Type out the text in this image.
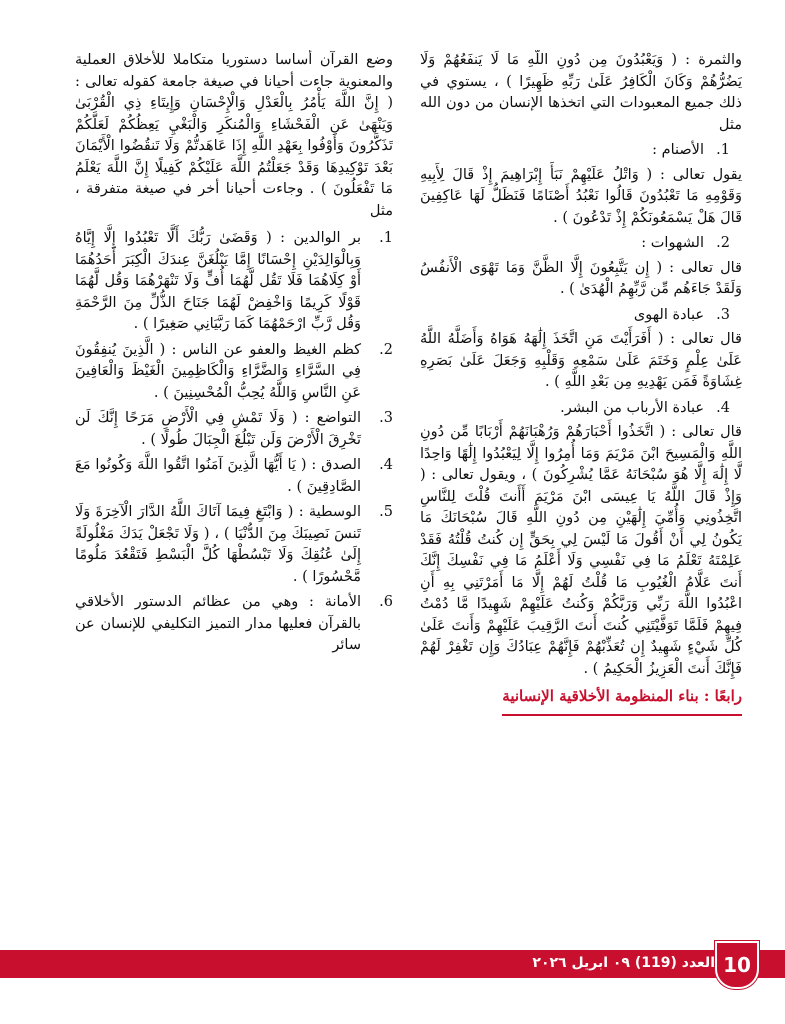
والثمرة : ( وَيَعْبُدُونَ مِن دُونِ اللَّهِ مَا لَا يَنفَعُهُمْ وَلَا يَضُرُّهُمْ وَكَانَ الْكَافِرُ عَلَىٰ رَبِّهِ ظَهِيرًا ) ، يستوي في ذلك جميع المعبودات التي اتخذها الإنسان من دون الله مثل

1.
الأصنام :

يقول تعالى : ( وَاتْلُ عَلَيْهِمْ نَبَأَ إِبْرَاهِيمَ إِذْ قَالَ لِأَبِيهِ وَقَوْمِهِ مَا تَعْبُدُونَ قَالُوا نَعْبُدُ أَصْنَامًا فَنَظَلُّ لَهَا عَاكِفِينَ قَالَ هَلْ يَسْمَعُونَكُمْ إِذْ تَدْعُونَ ) .

2.
الشهوات :

قال تعالى : ( إِن يَتَّبِعُونَ إِلَّا الظَّنَّ وَمَا تَهْوَى الْأَنفُسُ وَلَقَدْ جَاءَهُم مِّن رَّبِّهِمُ الْهُدَىٰ ) .

3.
عبادة الهوى

قال تعالى : ( أَفَرَأَيْتَ مَنِ اتَّخَذَ إِلَٰهَهُ هَوَاهُ وَأَضَلَّهُ اللَّهُ عَلَىٰ عِلْمٍ وَخَتَمَ عَلَىٰ سَمْعِهِ وَقَلْبِهِ وَجَعَلَ عَلَىٰ بَصَرِهِ غِشَاوَةً فَمَن يَهْدِيهِ مِن بَعْدِ اللَّهِ ) .

4.
عبادة الأرباب من البشر.

قال تعالى : ( اتَّخَذُوا أَحْبَارَهُمْ وَرُهْبَانَهُمْ أَرْبَابًا مِّن دُونِ اللَّهِ وَالْمَسِيحَ ابْنَ مَرْيَمَ وَمَا أُمِرُوا إِلَّا لِيَعْبُدُوا إِلَٰهًا وَاحِدًا لَّا إِلَٰهَ إِلَّا هُوَ سُبْحَانَهُ عَمَّا يُشْرِكُونَ ) ، ويقول تعالى : ( وَإِذْ قَالَ اللَّهُ يَا عِيسَى ابْنَ مَرْيَمَ أَأَنتَ قُلْتَ لِلنَّاسِ اتَّخِذُونِي وَأُمِّيَ إِلَٰهَيْنِ مِن دُونِ اللَّهِ قَالَ سُبْحَانَكَ مَا يَكُونُ لِي أَنْ أَقُولَ مَا لَيْسَ لِي بِحَقٍّ إِن كُنتُ قُلْتُهُ فَقَدْ عَلِمْتَهُ تَعْلَمُ مَا فِي نَفْسِي وَلَا أَعْلَمُ مَا فِي نَفْسِكَ إِنَّكَ أَنتَ عَلَّامُ الْغُيُوبِ مَا قُلْتُ لَهُمْ إِلَّا مَا أَمَرْتَنِي بِهِ أَنِ اعْبُدُوا اللَّهَ رَبِّي وَرَبَّكُمْ وَكُنتُ عَلَيْهِمْ شَهِيدًا مَّا دُمْتُ فِيهِمْ فَلَمَّا تَوَفَّيْتَنِي كُنتَ أَنتَ الرَّقِيبَ عَلَيْهِمْ وَأَنتَ عَلَىٰ كُلِّ شَيْءٍ شَهِيدٌ إِن تُعَذِّبْهُمْ فَإِنَّهُمْ عِبَادُكَ وَإِن تَغْفِرْ لَهُمْ فَإِنَّكَ أَنتَ الْعَزِيزُ الْحَكِيمُ ) .

رابعًا : بناء المنظومة الأخلاقية الإنسانية

وضع القرآن أساسا دستوريا متكاملا للأخلاق العملية والمعنوية جاءت أحيانا في صيغة جامعة كقوله تعالى : ( إِنَّ اللَّهَ يَأْمُرُ بِالْعَدْلِ وَالْإِحْسَانِ وَإِيتَاءِ ذِي الْقُرْبَىٰ وَيَنْهَىٰ عَنِ الْفَحْشَاءِ وَالْمُنكَرِ وَالْبَغْيِ يَعِظُكُمْ لَعَلَّكُمْ تَذَكَّرُونَ وَأَوْفُوا بِعَهْدِ اللَّهِ إِذَا عَاهَدتُّمْ وَلَا تَنقُضُوا الْأَيْمَانَ بَعْدَ تَوْكِيدِهَا وَقَدْ جَعَلْتُمُ اللَّهَ عَلَيْكُمْ كَفِيلًا إِنَّ اللَّهَ يَعْلَمُ مَا تَفْعَلُونَ ) . وجاءت أحيانا أخر في صيغة متفرقة ، مثل

1.
بر الوالدين : ( وَقَضَىٰ رَبُّكَ أَلَّا تَعْبُدُوا إِلَّا إِيَّاهُ وَبِالْوَالِدَيْنِ إِحْسَانًا إِمَّا يَبْلُغَنَّ عِندَكَ الْكِبَرَ أَحَدُهُمَا أَوْ كِلَاهُمَا فَلَا تَقُل لَّهُمَا أُفٍّ وَلَا تَنْهَرْهُمَا وَقُل لَّهُمَا قَوْلًا كَرِيمًا وَاخْفِضْ لَهُمَا جَنَاحَ الذُّلِّ مِنَ الرَّحْمَةِ وَقُل رَّبِّ ارْحَمْهُمَا كَمَا رَبَّيَانِي صَغِيرًا ) .
2.
كظم الغيظ والعفو عن الناس : ( الَّذِينَ يُنفِقُونَ فِي السَّرَّاءِ وَالضَّرَّاءِ وَالْكَاظِمِينَ الْغَيْظَ وَالْعَافِينَ عَنِ النَّاسِ وَاللَّهُ يُحِبُّ الْمُحْسِنِينَ ) .
3.
التواضع : ( وَلَا تَمْشِ فِي الْأَرْضِ مَرَحًا إِنَّكَ لَن تَخْرِقَ الْأَرْضَ وَلَن تَبْلُغَ الْجِبَالَ طُولًا ) .
4.
الصدق : ( يَا أَيُّهَا الَّذِينَ آمَنُوا اتَّقُوا اللَّهَ وَكُونُوا مَعَ الصَّادِقِينَ ) .
5.
الوسطية : ( وَابْتَغِ فِيمَا آتَاكَ اللَّهُ الدَّارَ الْآخِرَةَ وَلَا تَنسَ نَصِيبَكَ مِنَ الدُّنْيَا ) ، ( وَلَا تَجْعَلْ يَدَكَ مَغْلُولَةً إِلَىٰ عُنُقِكَ وَلَا تَبْسُطْهَا كُلَّ الْبَسْطِ فَتَقْعُدَ مَلُومًا مَّحْسُورًا ) .
6.
الأمانة : وهي من عظائم الدستور الأخلاقي بالقرآن فعليها مدار التميز التكليفي للإنسان عن سائر
العدد (119) ٠٩ ابريل ٢٠٢٦ 10
